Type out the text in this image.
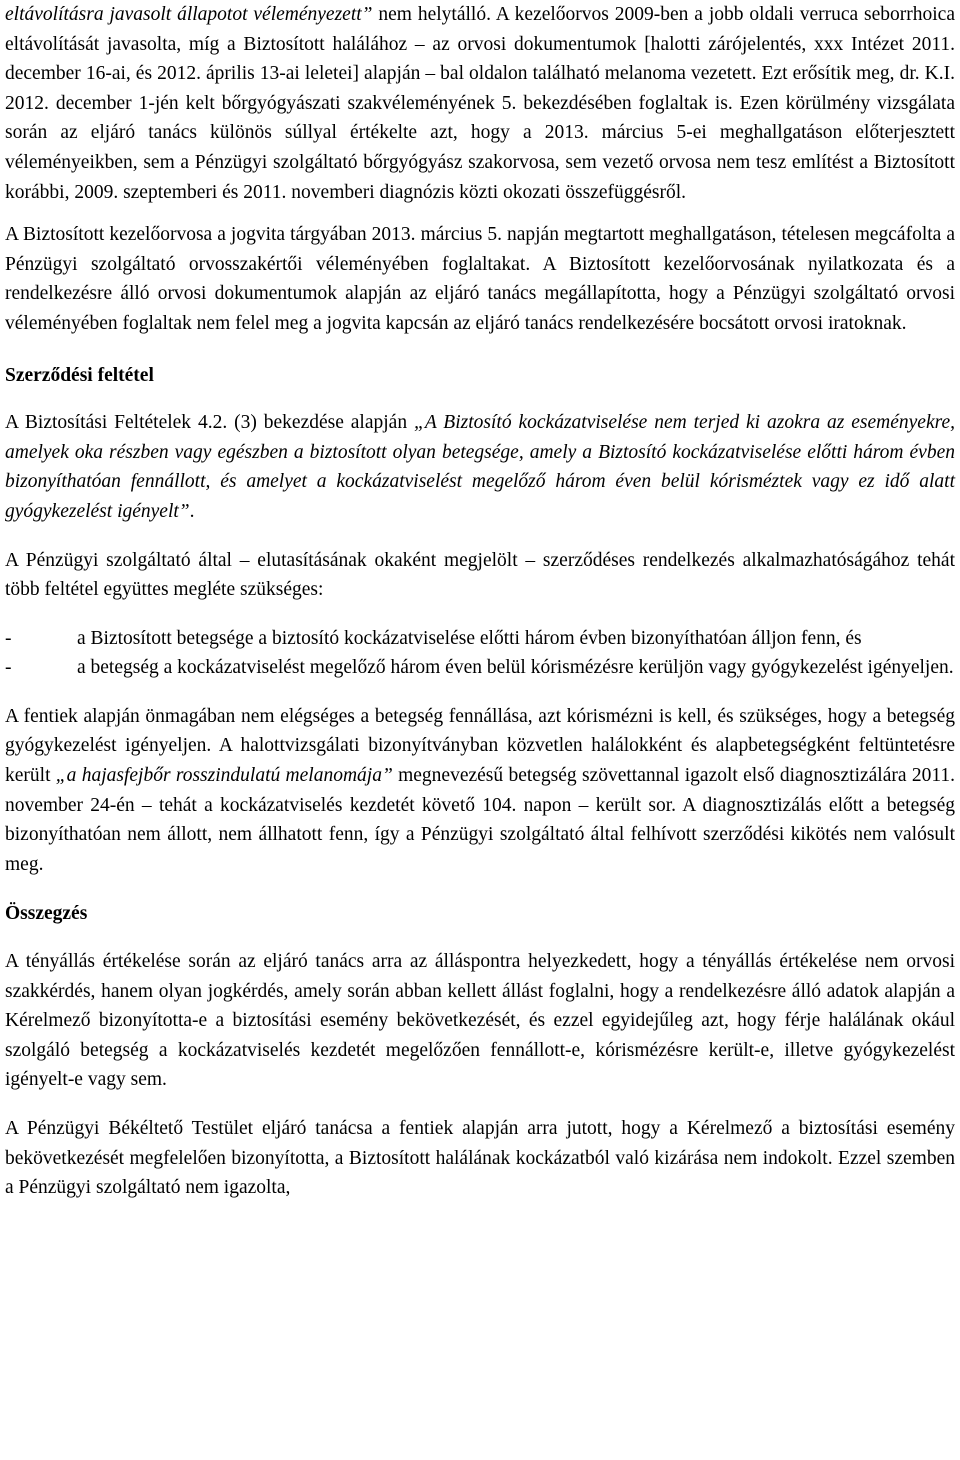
eltávolításra javasolt állapotot véleményezett” nem helytálló. A kezelőorvos 2009-ben a jobb oldali verruca seborrhoica eltávolítását javasolta, míg a Biztosított halálához – az orvosi dokumentumok [halotti zárójelentés, xxx Intézet 2011. december 16-ai, és 2012. április 13-ai leletei] alapján – bal oldalon található melanoma vezetett. Ezt erősítik meg, dr. K.I. 2012. december 1-jén kelt bőrgyógyászati szakvéleményének 5. bekezdésében foglaltak is. Ezen körülmény vizsgálata során az eljáró tanács különös súllyal értékelte azt, hogy a 2013. március 5-ei meghallgatáson előterjesztett véleményeikben, sem a Pénzügyi szolgáltató bőrgyógyász szakorvosa, sem vezető orvosa nem tesz említést a Biztosított korábbi, 2009. szeptemberi és 2011. novemberi diagnózis közti okozati összefüggésről.

A Biztosított kezelőorvosa a jogvita tárgyában 2013. március 5. napján megtartott meghallgatáson, tételesen megcáfolta a Pénzügyi szolgáltató orvosszakértői véleményében foglaltakat. A Biztosított kezelőorvosának nyilatkozata és a rendelkezésre álló orvosi dokumentumok alapján az eljáró tanács megállapította, hogy a Pénzügyi szolgáltató orvosi véleményében foglaltak nem felel meg a jogvita kapcsán az eljáró tanács rendelkezésére bocsátott orvosi iratoknak.

Szerződési feltétel

A Biztosítási Feltételek 4.2. (3) bekezdése alapján „A Biztosító kockázatviselése nem terjed ki azokra az eseményekre, amelyek oka részben vagy egészben a biztosított olyan betegsége, amely a Biztosító kockázatviselése előtti három évben bizonyíthatóan fennállott, és amelyet a kockázatviselést megelőző három éven belül kórisméztek vagy ez idő alatt gyógykezelést igényelt”.

A Pénzügyi szolgáltató által – elutasításának okaként megjelölt – szerződéses rendelkezés alkalmazhatóságához tehát több feltétel együttes megléte szükséges:

-	a Biztosított betegsége a biztosító kockázatviselése előtti három évben bizonyíthatóan álljon fenn, és
-	a betegség a kockázatviselést megelőző három éven belül kórismézésre kerüljön vagy gyógykezelést igényeljen.

A fentiek alapján önmagában nem elégséges a betegség fennállása, azt kórismézni is kell, és szükséges, hogy a betegség gyógykezelést igényeljen. A halottvizsgálati bizonyítványban közvetlen halálokként és alapbetegségként feltüntetésre került „a hajasfejbőr rosszindulatú melanomája” megnevezésű betegség szövettannal igazolt első diagnosztizálára 2011. november 24-én – tehát a kockázatviselés kezdetét követő 104. napon – került sor. A diagnosztizálás előtt a betegség bizonyíthatóan nem állott, nem állhatott fenn, így a Pénzügyi szolgáltató által felhívott szerződési kikötés nem valósult meg.

Összegzés

A tényállás értékelése során az eljáró tanács arra az álláspontra helyezkedett, hogy a tényállás értékelése nem orvosi szakkérdés, hanem olyan jogkérdés, amely során abban kellett állást foglalni, hogy a rendelkezésre álló adatok alapján a Kérelmező bizonyította-e a biztosítási esemény bekövetkezését, és ezzel egyidejűleg azt, hogy férje halálának okául szolgáló betegség a kockázatviselés kezdetét megelőzően fennállott-e, kórismézésre került-e, illetve gyógykezelést igényelt-e vagy sem.

A Pénzügyi Békéltető Testület eljáró tanácsa a fentiek alapján arra jutott, hogy a Kérelmező a biztosítási esemény bekövetkezését megfelelően bizonyította, a Biztosított halálának kockázatból való kizárása nem indokolt. Ezzel szemben a Pénzügyi szolgáltató nem igazolta,
